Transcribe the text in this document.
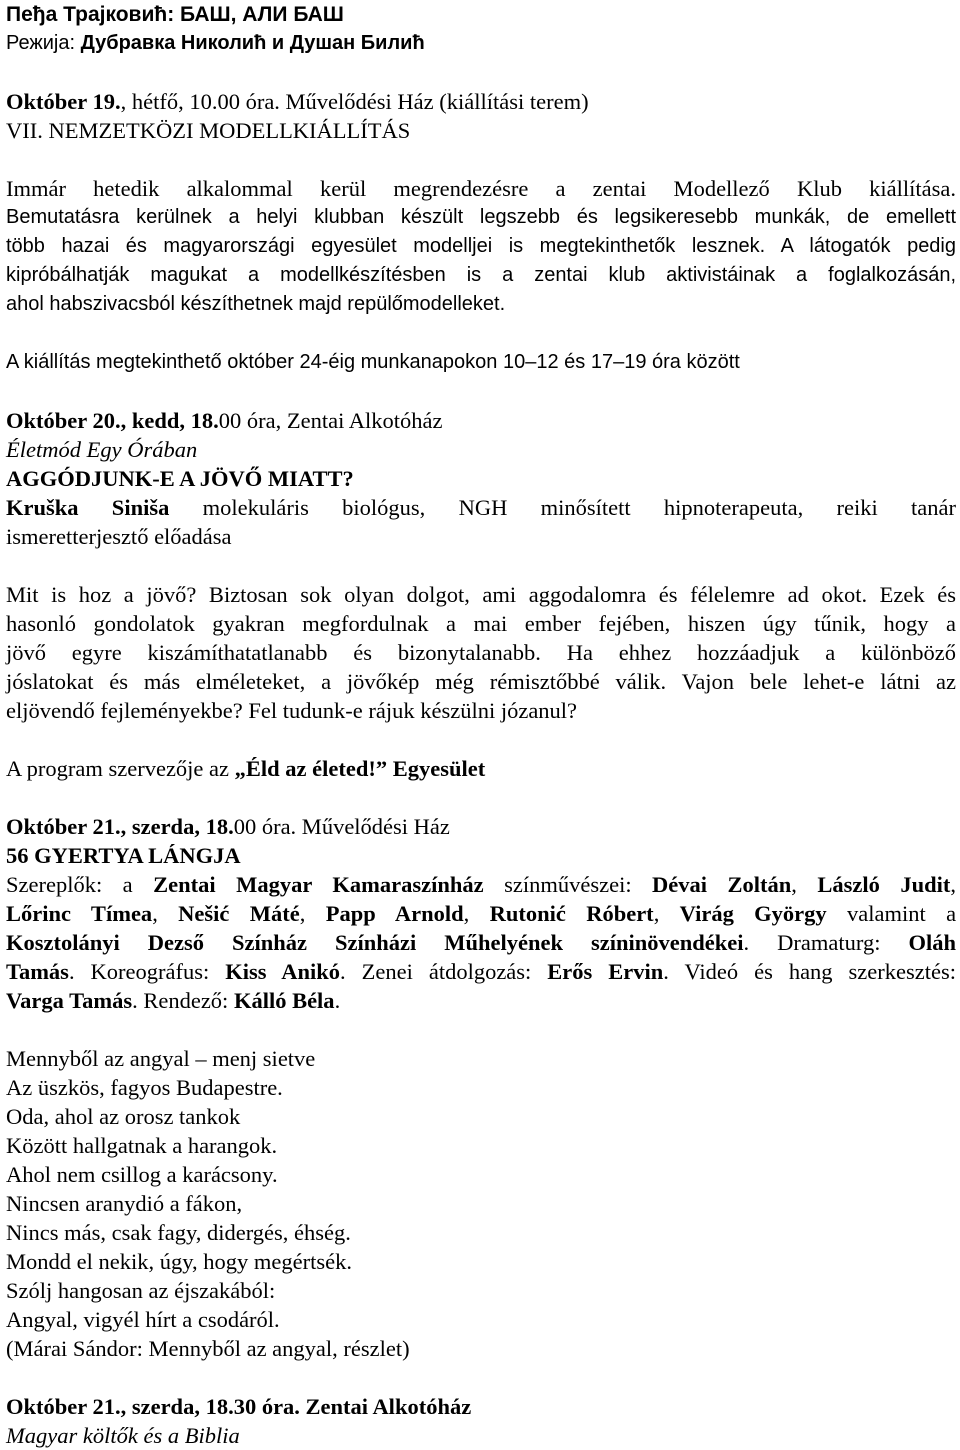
Пеђа Трајковић: БАШ, АЛИ БАШ

Режија: Дубравка Николић и Душан Билић

Október 19., hétfő, 10.00 óra. Művelődési Ház (kiállítási terem)

VII. NEMZETKÖZI MODELLKIÁLLÍTÁS

Immár hetedik alkalommal kerül megrendezésre a zentai Modellező Klub kiállítása.

Bemutatásra kerülnek a helyi klubban készült legszebb és legsikeresebb munkák, de emellett

több hazai és magyarországi egyesület modelljei is megtekinthetők lesznek. A látogatók pedig

kipróbálhatják magukat a modellkészítésben is a zentai klub aktivistáinak a foglalkozásán,

ahol habszivacsból készíthetnek majd repülőmodelleket.

A kiállítás megtekinthető október 24-éig munkanapokon 10–12 és 17–19 óra között

Október 20., kedd, 18.00 óra, Zentai Alkotóház

Életmód Egy Órában

AGGÓDJUNK-E A JÖVŐ MIATT?

Kruška Siniša molekuláris biológus, NGH minősített hipnoterapeuta, reiki tanár

ismeretterjesztő előadása

Mit is hoz a jövő? Biztosan sok olyan dolgot, ami aggodalomra és félelemre ad okot. Ezek és

hasonló gondolatok gyakran megfordulnak a mai ember fejében, hiszen úgy tűnik, hogy a

jövő egyre kiszámíthatatlanabb és bizonytalanabb. Ha ehhez hozzáadjuk a különböző

jóslatokat és más elméleteket, a jövőkép még rémisztőbbé válik. Vajon bele lehet-e látni az

eljövendő fejleményekbe? Fel tudunk-e rájuk készülni józanul?

A program szervezője az „Éld az életed!” Egyesület

Október 21., szerda, 18.00 óra. Művelődési Ház

56 GYERTYA LÁNGJA

Szereplők: a Zentai Magyar Kamaraszínház színművészei: Dévai Zoltán, László Judit,

Lőrinc Tímea, Nešić Máté, Papp Arnold, Rutonić Róbert, Virág György valamint a

Kosztolányi Dezső Színház Színházi Műhelyének színinövendékei. Dramaturg: Oláh

Tamás. Koreográfus: Kiss Anikó. Zenei átdolgozás: Erős Ervin. Videó és hang szerkesztés:

Varga Tamás. Rendező: Kálló Béla.

Mennyből az angyal – menj sietve

Az üszkös, fagyos Budapestre.

Oda, ahol az orosz tankok

Között hallgatnak a harangok.

Ahol nem csillog a karácsony.

Nincsen aranydió a fákon,

Nincs más, csak fagy, didergés, éhség.

Mondd el nekik, úgy, hogy megértsék.

Szólj hangosan az éjszakából:

Angyal, vigyél hírt a csodáról.

(Márai Sándor: Mennyből az angyal, részlet)

Október 21., szerda, 18.30 óra. Zentai Alkotóház

Magyar költők és a Biblia
